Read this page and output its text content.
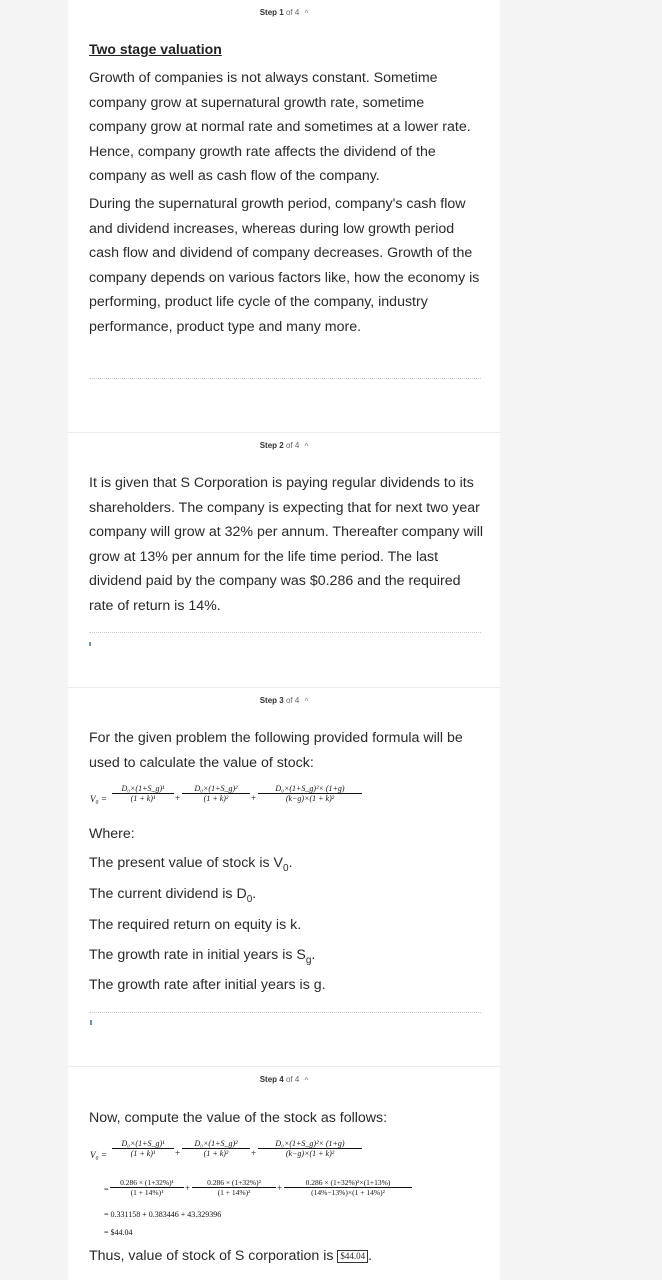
Step 1 of 4 ^
Two stage valuation

Growth of companies is not always constant. Sometime company grow at supernatural growth rate, sometime company grow at normal rate and sometimes at a lower rate. Hence, company growth rate affects the dividend of the company as well as cash flow of the company.

During the supernatural growth period, company's cash flow and dividend increases, whereas during low growth period cash flow and dividend of company decreases. Growth of the company depends on various factors like, how the economy is performing, product life cycle of the company, industry performance, product type and many more.

Step 2 of 4 ^

It is given that S Corporation is paying regular dividends to its shareholders. The company is expecting that for next two year company will grow at 32% per annum. Thereafter company will grow at 13% per annum for the life time period. The last dividend paid by the company was $0.286 and the required rate of return is 14%.

Step 3 of 4 ^

For the given problem the following provided formula will be used to calculate the value of stock:

V₀ =
D₀×(1+S_g)¹
(1 + k)¹	+
D₀×(1+S_g)²
(1 + k)²	+
D₀×(1+S_g)²× (1+g)
(k−g)×(1 + k)²

Where:

The present value of stock is $V_0$.

The current dividend is $D_0$.

The required return on equity is k.

The growth rate in initial years is $S_g$.

The growth rate after initial years is g.

Step 4 of 4 ^

Now, compute the value of the stock as follows:

V₀ =
D₀×(1+S_g)¹
(1 + k)¹	+
D₀×(1+S_g)²
(1 + k)²	+
D₀×(1+S_g)²× (1+g)
(k−g)×(1 + k)²
=
0.286 × (1+32%)¹
(1 + 14%)¹	+
0.286 × (1+32%)²
(1 + 14%)²	+
0.286 × (1+32%)²×(1+13%)
(14%−13%)×(1 + 14%)²
= 0.331158 + 0.383446 + 43.329396
= $44.04

Thus, value of stock of S corporation is $44.04 .
